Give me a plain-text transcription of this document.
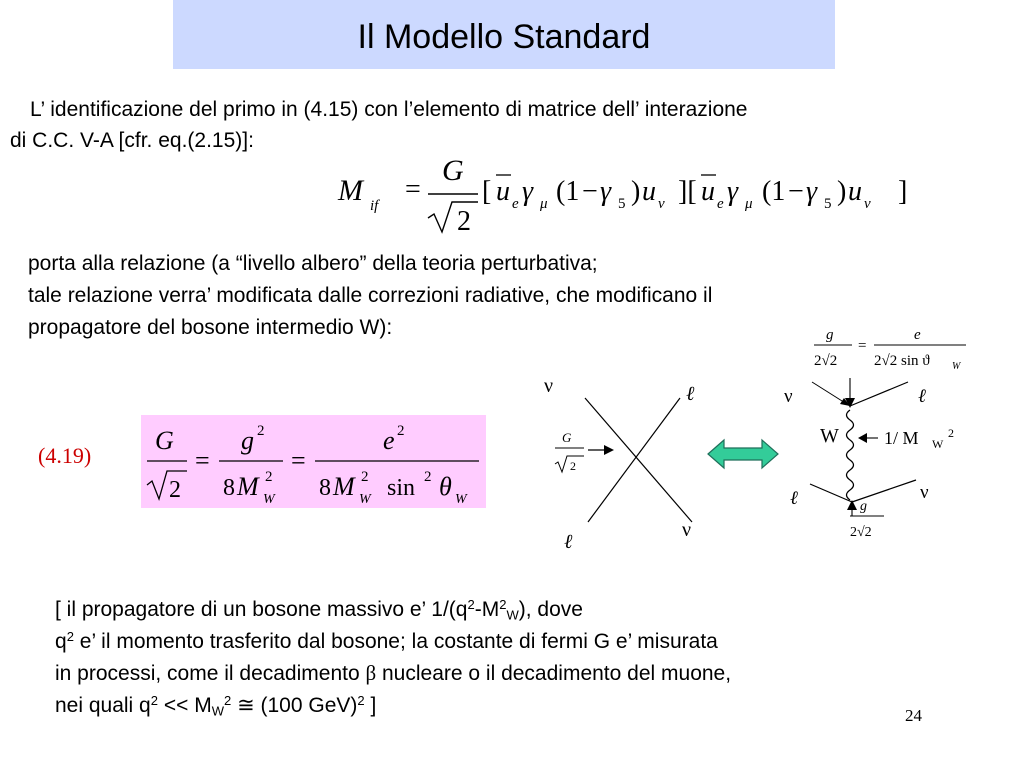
Il Modello Standard
L’ identificazione del primo in (4.15) con l’elemento di matrice dell’ interazione
di C.C. V-A [cfr. eq.(2.15)]:
M if
=
G
2
[ u e γ μ (1 − γ 5 ) u ν ][ u e γ μ (1 − γ 5 ) u ν ]
porta alla relazione (a “livello albero” della teoria perturbativa;
tale relazione verra’ modificata dalle correzioni radiative, che modificano il
propagatore del bosone intermedio W):
(4.19)
G
2
=
g 2
8 M 2
W
=
e 2
8 M 2
W sin 2 θ W
ν	ℓ
G
2
ℓ
ν
g
2√2
=
e
2√2 sin ϑ W
ν	ℓ
W	1/ M W
2
ℓ	ν
g
2√2
[ il propagatore di un bosone massivo e’ $1/(q^2-M^2_W)$, dove
$q^2$ e’ il momento trasferito dal bosone; la costante di fermi G e’ misurata
in processi, come il decadimento β nucleare o il decadimento del muone,
nei quali $q^2 << M_W^2$ ≅ (100 GeV)$^2$ ]	24
